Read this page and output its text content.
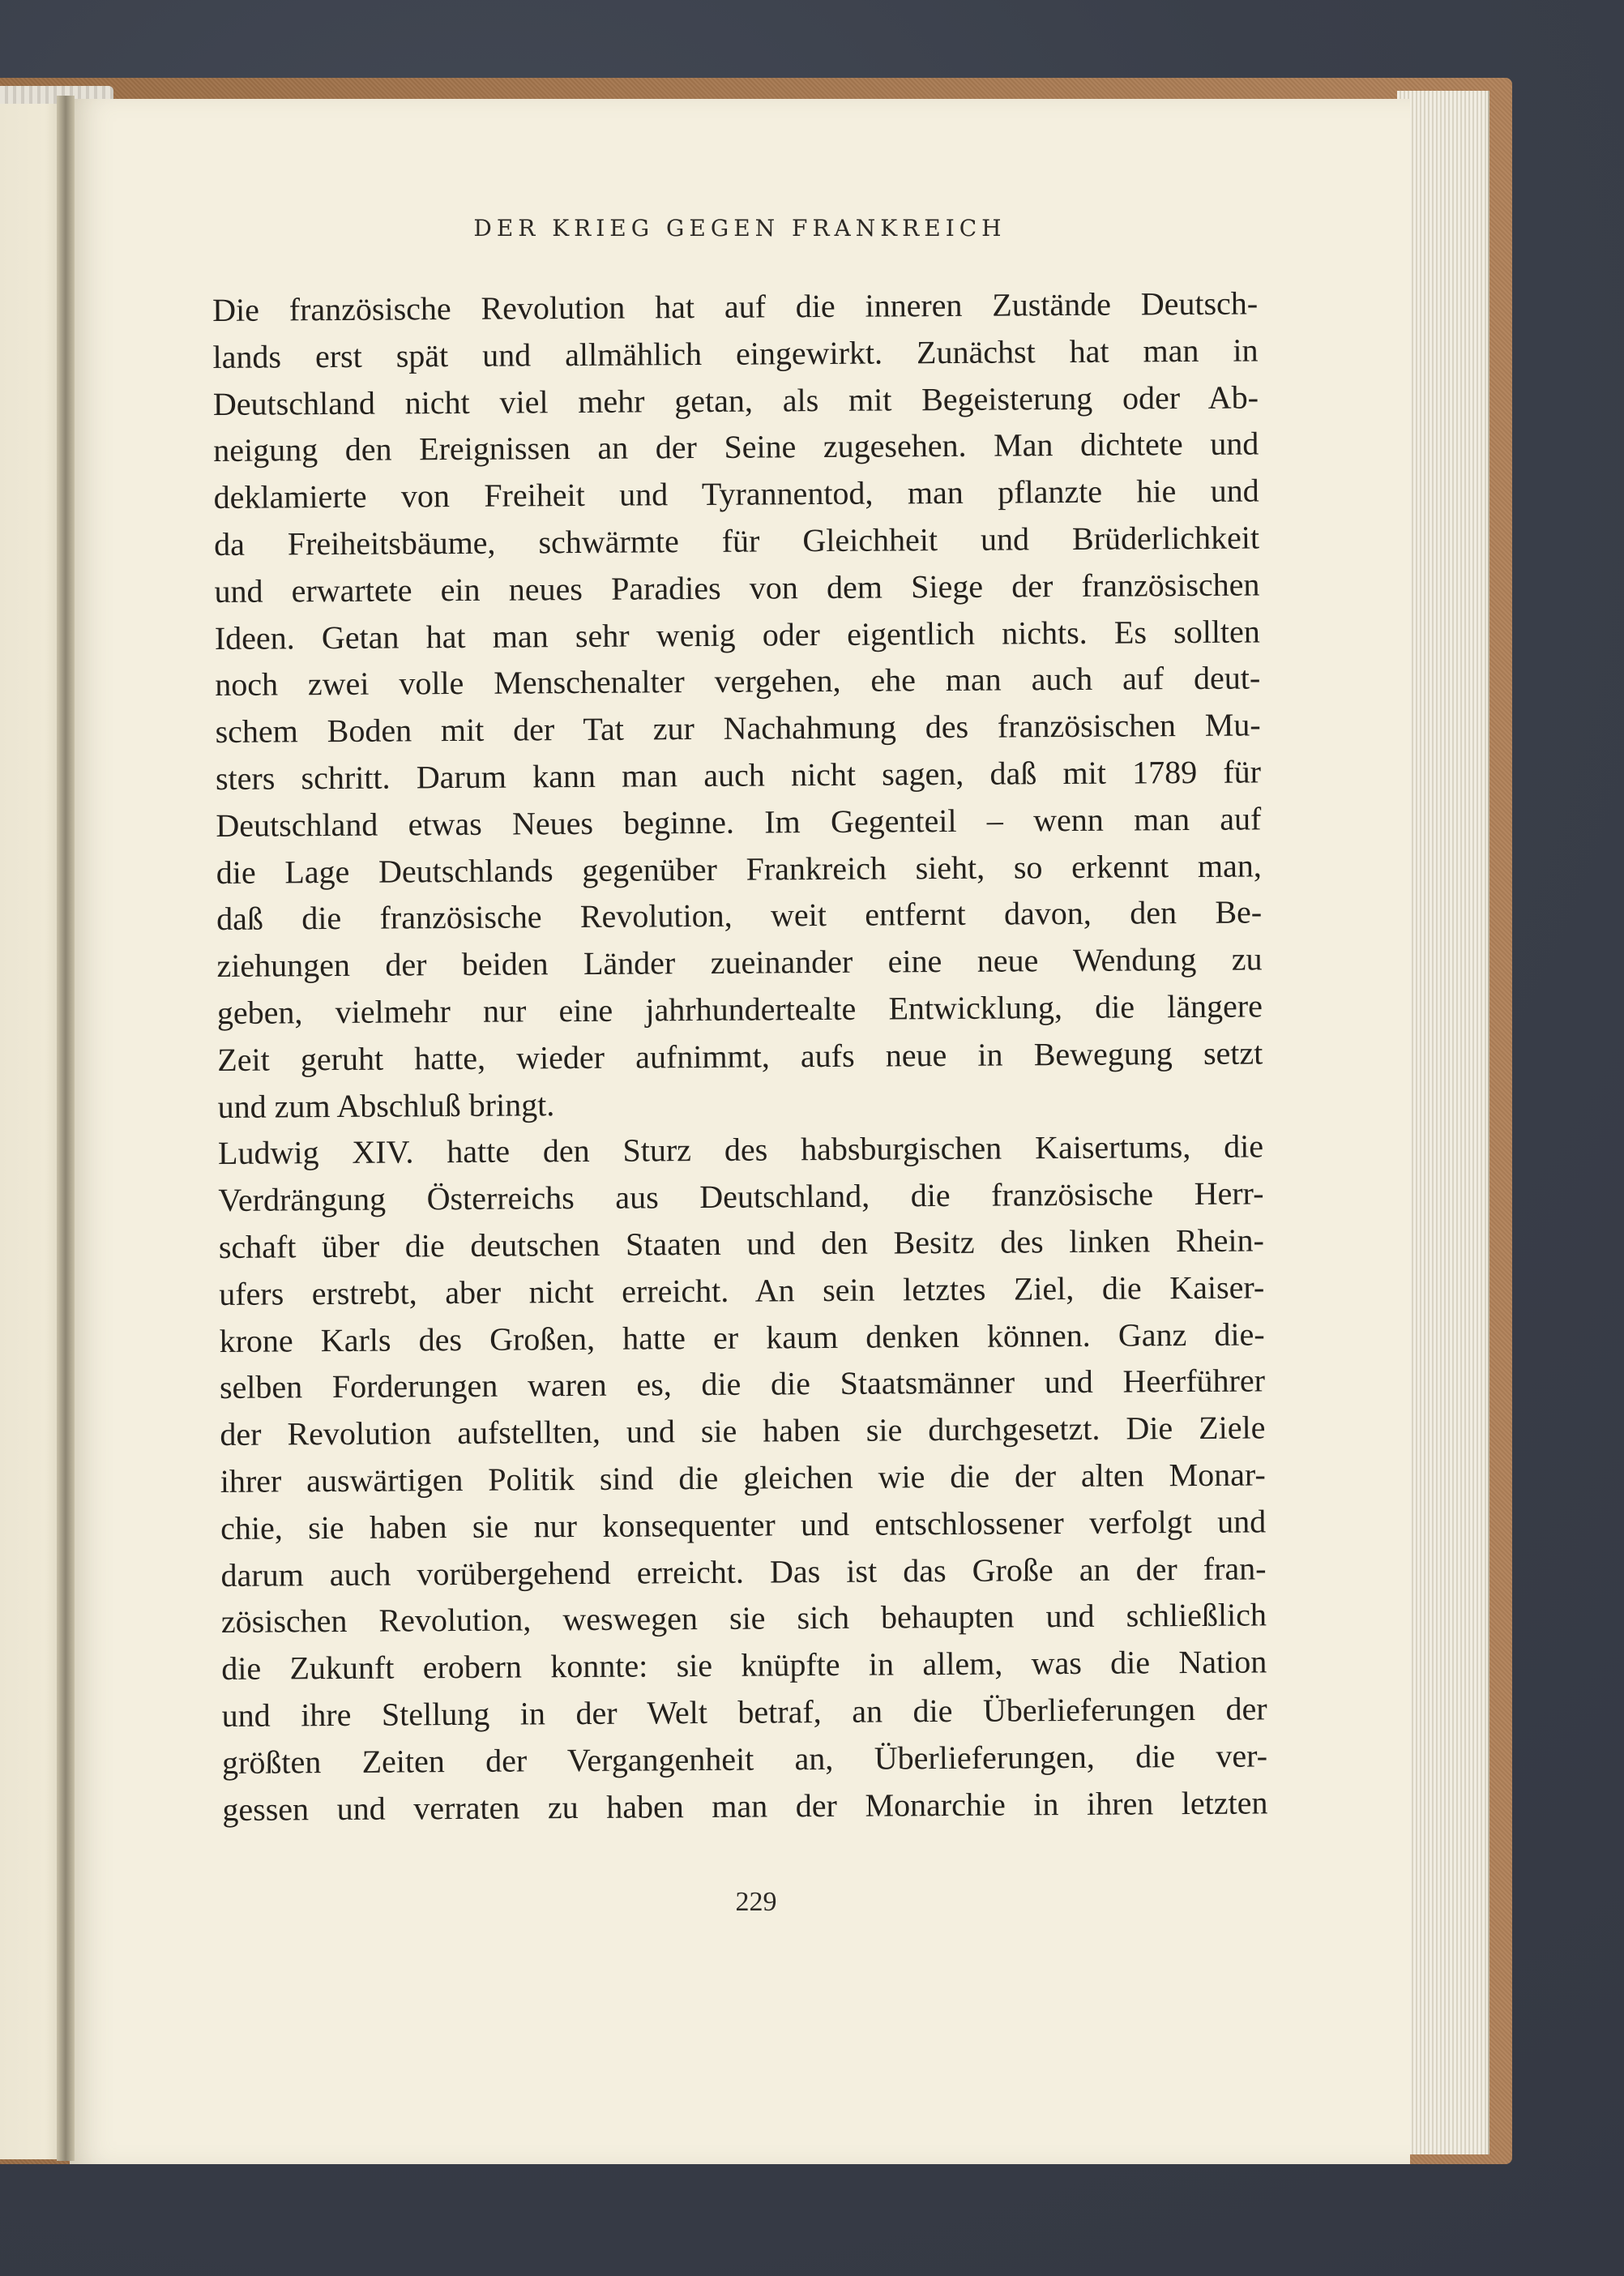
DER KRIEG GEGEN FRANKREICH
Die französische Revolution hat auf die inneren Zustände Deutsch-
lands erst spät und allmählich eingewirkt. Zunächst hat man in
Deutschland nicht viel mehr getan, als mit Begeisterung oder Ab-
neigung den Ereignissen an der Seine zugesehen. Man dichtete und
deklamierte von Freiheit und Tyrannentod, man pflanzte hie und
da Freiheitsbäume, schwärmte für Gleichheit und Brüderlichkeit
und erwartete ein neues Paradies von dem Siege der französischen
Ideen. Getan hat man sehr wenig oder eigentlich nichts. Es sollten
noch zwei volle Menschenalter vergehen, ehe man auch auf deut-
schem Boden mit der Tat zur Nachahmung des französischen Mu-
sters schritt. Darum kann man auch nicht sagen, daß mit 1789 für
Deutschland etwas Neues beginne. Im Gegenteil – wenn man auf
die Lage Deutschlands gegenüber Frankreich sieht, so erkennt man,
daß die französische Revolution, weit entfernt davon, den Be-
ziehungen der beiden Länder zueinander eine neue Wendung zu
geben, vielmehr nur eine jahrhundertealte Entwicklung, die längere
Zeit geruht hatte, wieder aufnimmt, aufs neue in Bewegung setzt
und zum Abschluß bringt.
Ludwig XIV. hatte den Sturz des habsburgischen Kaisertums, die
Verdrängung Österreichs aus Deutschland, die französische Herr-
schaft über die deutschen Staaten und den Besitz des linken Rhein-
ufers erstrebt, aber nicht erreicht. An sein letztes Ziel, die Kaiser-
krone Karls des Großen, hatte er kaum denken können. Ganz die-
selben Forderungen waren es, die die Staatsmänner und Heerführer
der Revolution aufstellten, und sie haben sie durchgesetzt. Die Ziele
ihrer auswärtigen Politik sind die gleichen wie die der alten Monar-
chie, sie haben sie nur konsequenter und entschlossener verfolgt und
darum auch vorübergehend erreicht. Das ist das Große an der fran-
zösischen Revolution, weswegen sie sich behaupten und schließlich
die Zukunft erobern konnte: sie knüpfte in allem, was die Nation
und ihre Stellung in der Welt betraf, an die Überlieferungen der
größten Zeiten der Vergangenheit an, Überlieferungen, die ver-
gessen und verraten zu haben man der Monarchie in ihren letzten
229
